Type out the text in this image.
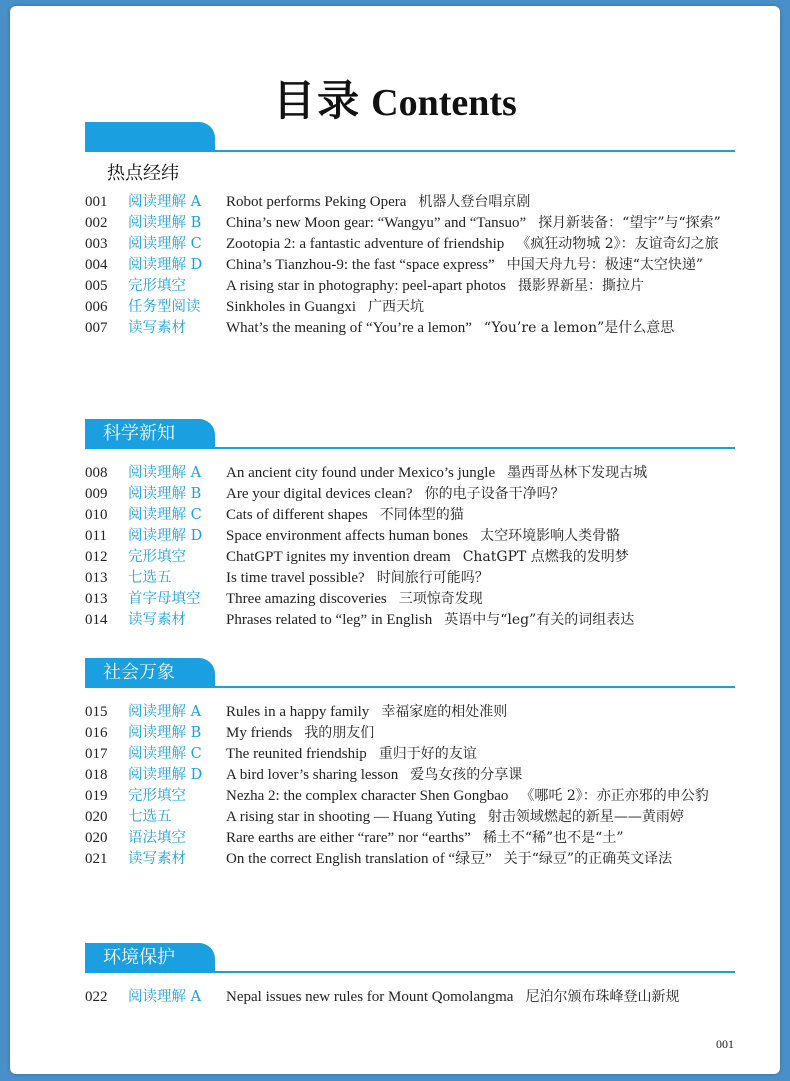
目录 Contents
热点经纬
001	阅读理解 A	Robot performs Peking Opera 机器人登台唱京剧
002	阅读理解 B	China’s new Moon gear: “Wangyu” and “Tansuo” 探月新装备：“望宇”与“探索”
003	阅读理解 C	Zootopia 2: a fantastic adventure of friendship 《疯狂动物城 2》：友谊奇幻之旅
004	阅读理解 D	China’s Tianzhou-9: the fast “space express” 中国天舟九号：极速“太空快递”
005	完形填空	A rising star in photography: peel-apart photos 摄影界新星：撕拉片
006	任务型阅读	Sinkholes in Guangxi 广西天坑
007	读写素材	What’s the meaning of “You’re a lemon” “You’re a lemon”是什么意思
科学新知
008	阅读理解 A	An ancient city found under Mexico’s jungle 墨西哥丛林下发现古城
009	阅读理解 B	Are your digital devices clean? 你的电子设备干净吗？
010	阅读理解 C	Cats of different shapes 不同体型的猫
011	阅读理解 D	Space environment affects human bones 太空环境影响人类骨骼
012	完形填空	ChatGPT ignites my invention dream ChatGPT 点燃我的发明梦
013	七选五	Is time travel possible? 时间旅行可能吗？
013	首字母填空	Three amazing discoveries 三项惊奇发现
014	读写素材	Phrases related to “leg” in English 英语中与“leg”有关的词组表达
社会万象
015	阅读理解 A	Rules in a happy family 幸福家庭的相处准则
016	阅读理解 B	My friends 我的朋友们
017	阅读理解 C	The reunited friendship 重归于好的友谊
018	阅读理解 D	A bird lover’s sharing lesson 爱鸟女孩的分享课
019	完形填空	Nezha 2: the complex character Shen Gongbao 《哪吒 2》：亦正亦邪的申公豹
020	七选五	A rising star in shooting — Huang Yuting 射击领域燃起的新星——黄雨婷
020	语法填空	Rare earths are either “rare” nor “earths” 稀土不“稀”也不是“土”
021	读写素材	On the correct English translation of “绿豆” 关于“绿豆”的正确英文译法
环境保护
022	阅读理解 A	Nepal issues new rules for Mount Qomolangma 尼泊尔颁布珠峰登山新规
001
